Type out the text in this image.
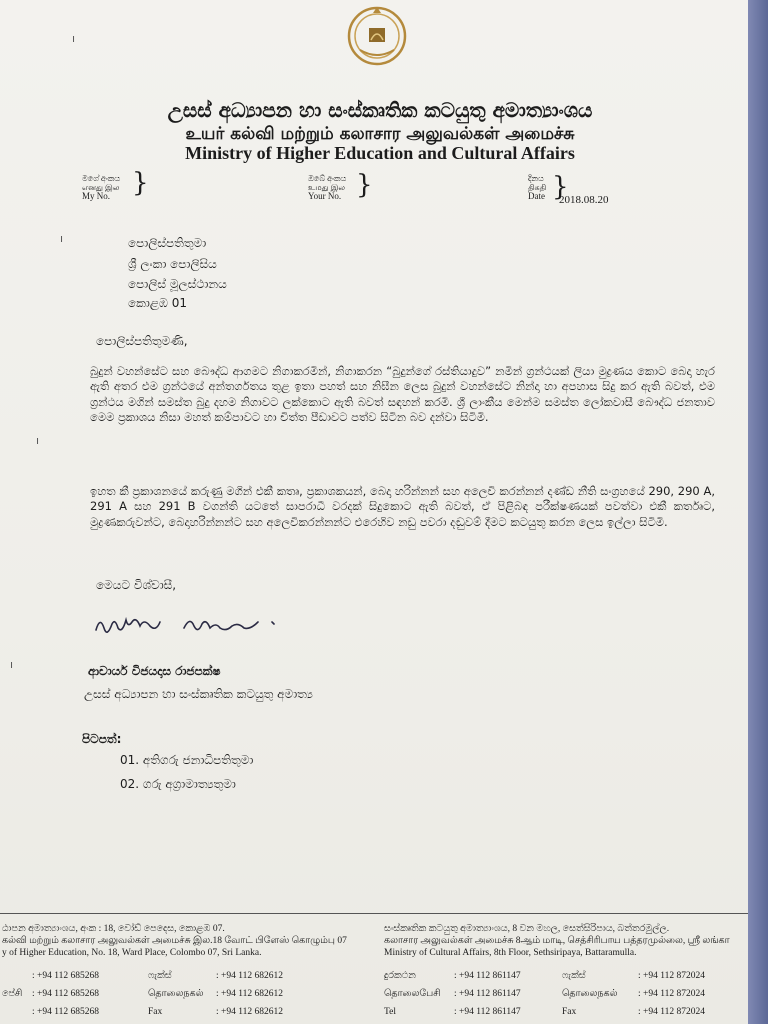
උසස් අධ්‍යාපන හා සංස්කෘතික කටයුතු අමාත්‍යාංශය
உயர் கல்வி மற்றும் கலாசார அலுவல்கள் அமைச்சு
Ministry of Higher Education and Cultural Affairs
මගේ අංකය
எனது இல
My No. }	ඔබේ අංකය
உமது இல
Your No. }	දිනය
திகதி
Date }
2018.08.20
පොලිස්පතිතුමා
ශ්‍රී ලංකා පොලිසිය
පොලිස් මූලස්ථානය
කොළඹ 01
පොලිස්පතිතුමණි,
බුදුන් වහන්සේට සහ බෞද්ධ ආගමට නිගාකරමින්, නිගාකරන “බුදුන්ගේ රස්තියාදුව” නමින් ග්‍රන්ථයක් ලියා මුද්‍රණය කොට බෙදා හැර ඇති අතර එම ග්‍රන්ථයේ අන්තර්ගතය තුළ ඉතා පහත් සහ නිඝීන ලෙස බුදුන් වහන්සේට නින්දා හා අපහාස සිදු කර ඇති බවත්, එම ග්‍රන්ථය මගින් සමස්ත බුදු දහම නිගාවට ලක්කොට ඇති බවත් සඳහන් කරමි. ශ්‍රී ලාංකීය මෙන්ම සමස්ත ලෝකවාසී බෞද්ධ ජනතාව මෙම ප්‍රකාශය නිසා මහත් කම්පාවට හා චිත්ත පීඩාවට පත්ව සිටින බව දන්වා සිටිමි.
ඉහත කී ප්‍රකාශනයේ කරුණු මගින් එකී කතෘ, ප්‍රකාශකයන්, බෙදා හරින්නන් සහ අලෙවි කරන්නන් දණ්ඩ නීති සංග්‍රහයේ 290, 290 A, 291 A සහ 291 B වගන්ති යටතේ සාපරාධී වරදක් සිදුකොට ඇති බවත්, ඒ පිළිබඳ පරීක්ෂණයක් පවත්වා එකී කර්තෘට, මුද්‍රණකරුවන්ට, බෙදාහරින්නන්ට සහ අලෙවිකරන්නන්ට එරෙහිව නඩු පවරා දඬුවම් දීමට කටයුතු කරන ලෙස ඉල්ලා සිටිමි.
මෙයට විශ්වාසී,
ආචාර්ය විජයදාස රාජපක්ෂ
උසස් අධ්‍යාපන හා සංස්කෘතික කටයුතු අමාත්‍ය
පිටපත්:
01. අතිගරු ජනාධිපතිතුමා
02. ගරු අග්‍රාමාත්‍යතුමා
ı
ı
ı
ı
ඨාපන අමාත්‍යාංශය, අංක : 18, වෝඩ් පෙදෙස, කොළඹ 07.
கல்வி மற்றும் கலாசார அலுவல்கள் அமைச்சு இல.18 வோட் பிளேஸ் கொழும்பு 07
y of Higher Education, No. 18, Ward Place, Colombo 07, Sri Lanka.
: +94 112 685268	ෆැක්ස්	: +94 112 682612
පේசி : +94 112 685268	தொலைநகல் : +94 112 682612
: +94 112 685268	Fax	: +94 112 682612
සංස්කෘතික කටයුතු අමාත්‍යාංශය, 8 වන මහල, සෙත්සිරිපාය, බත්තරමුල්ල.
கலாசார அலுவல்கள் அமைச்சு 8ஆம் மாடி, செத்சிரிபாய பத்தரமுல்லை, ஸ்ரீ லங்கா
Ministry of Cultural Affairs, 8th Floor, Sethsiripaya, Battaramulla.
දුරකථන	: +94 112 861147	ෆැක්ස්	: +94 112 872024
தொலைபேசி : +94 112 861147	தொலைநகல் : +94 112 872024
Tel	: +94 112 861147	Fax	: +94 112 872024
